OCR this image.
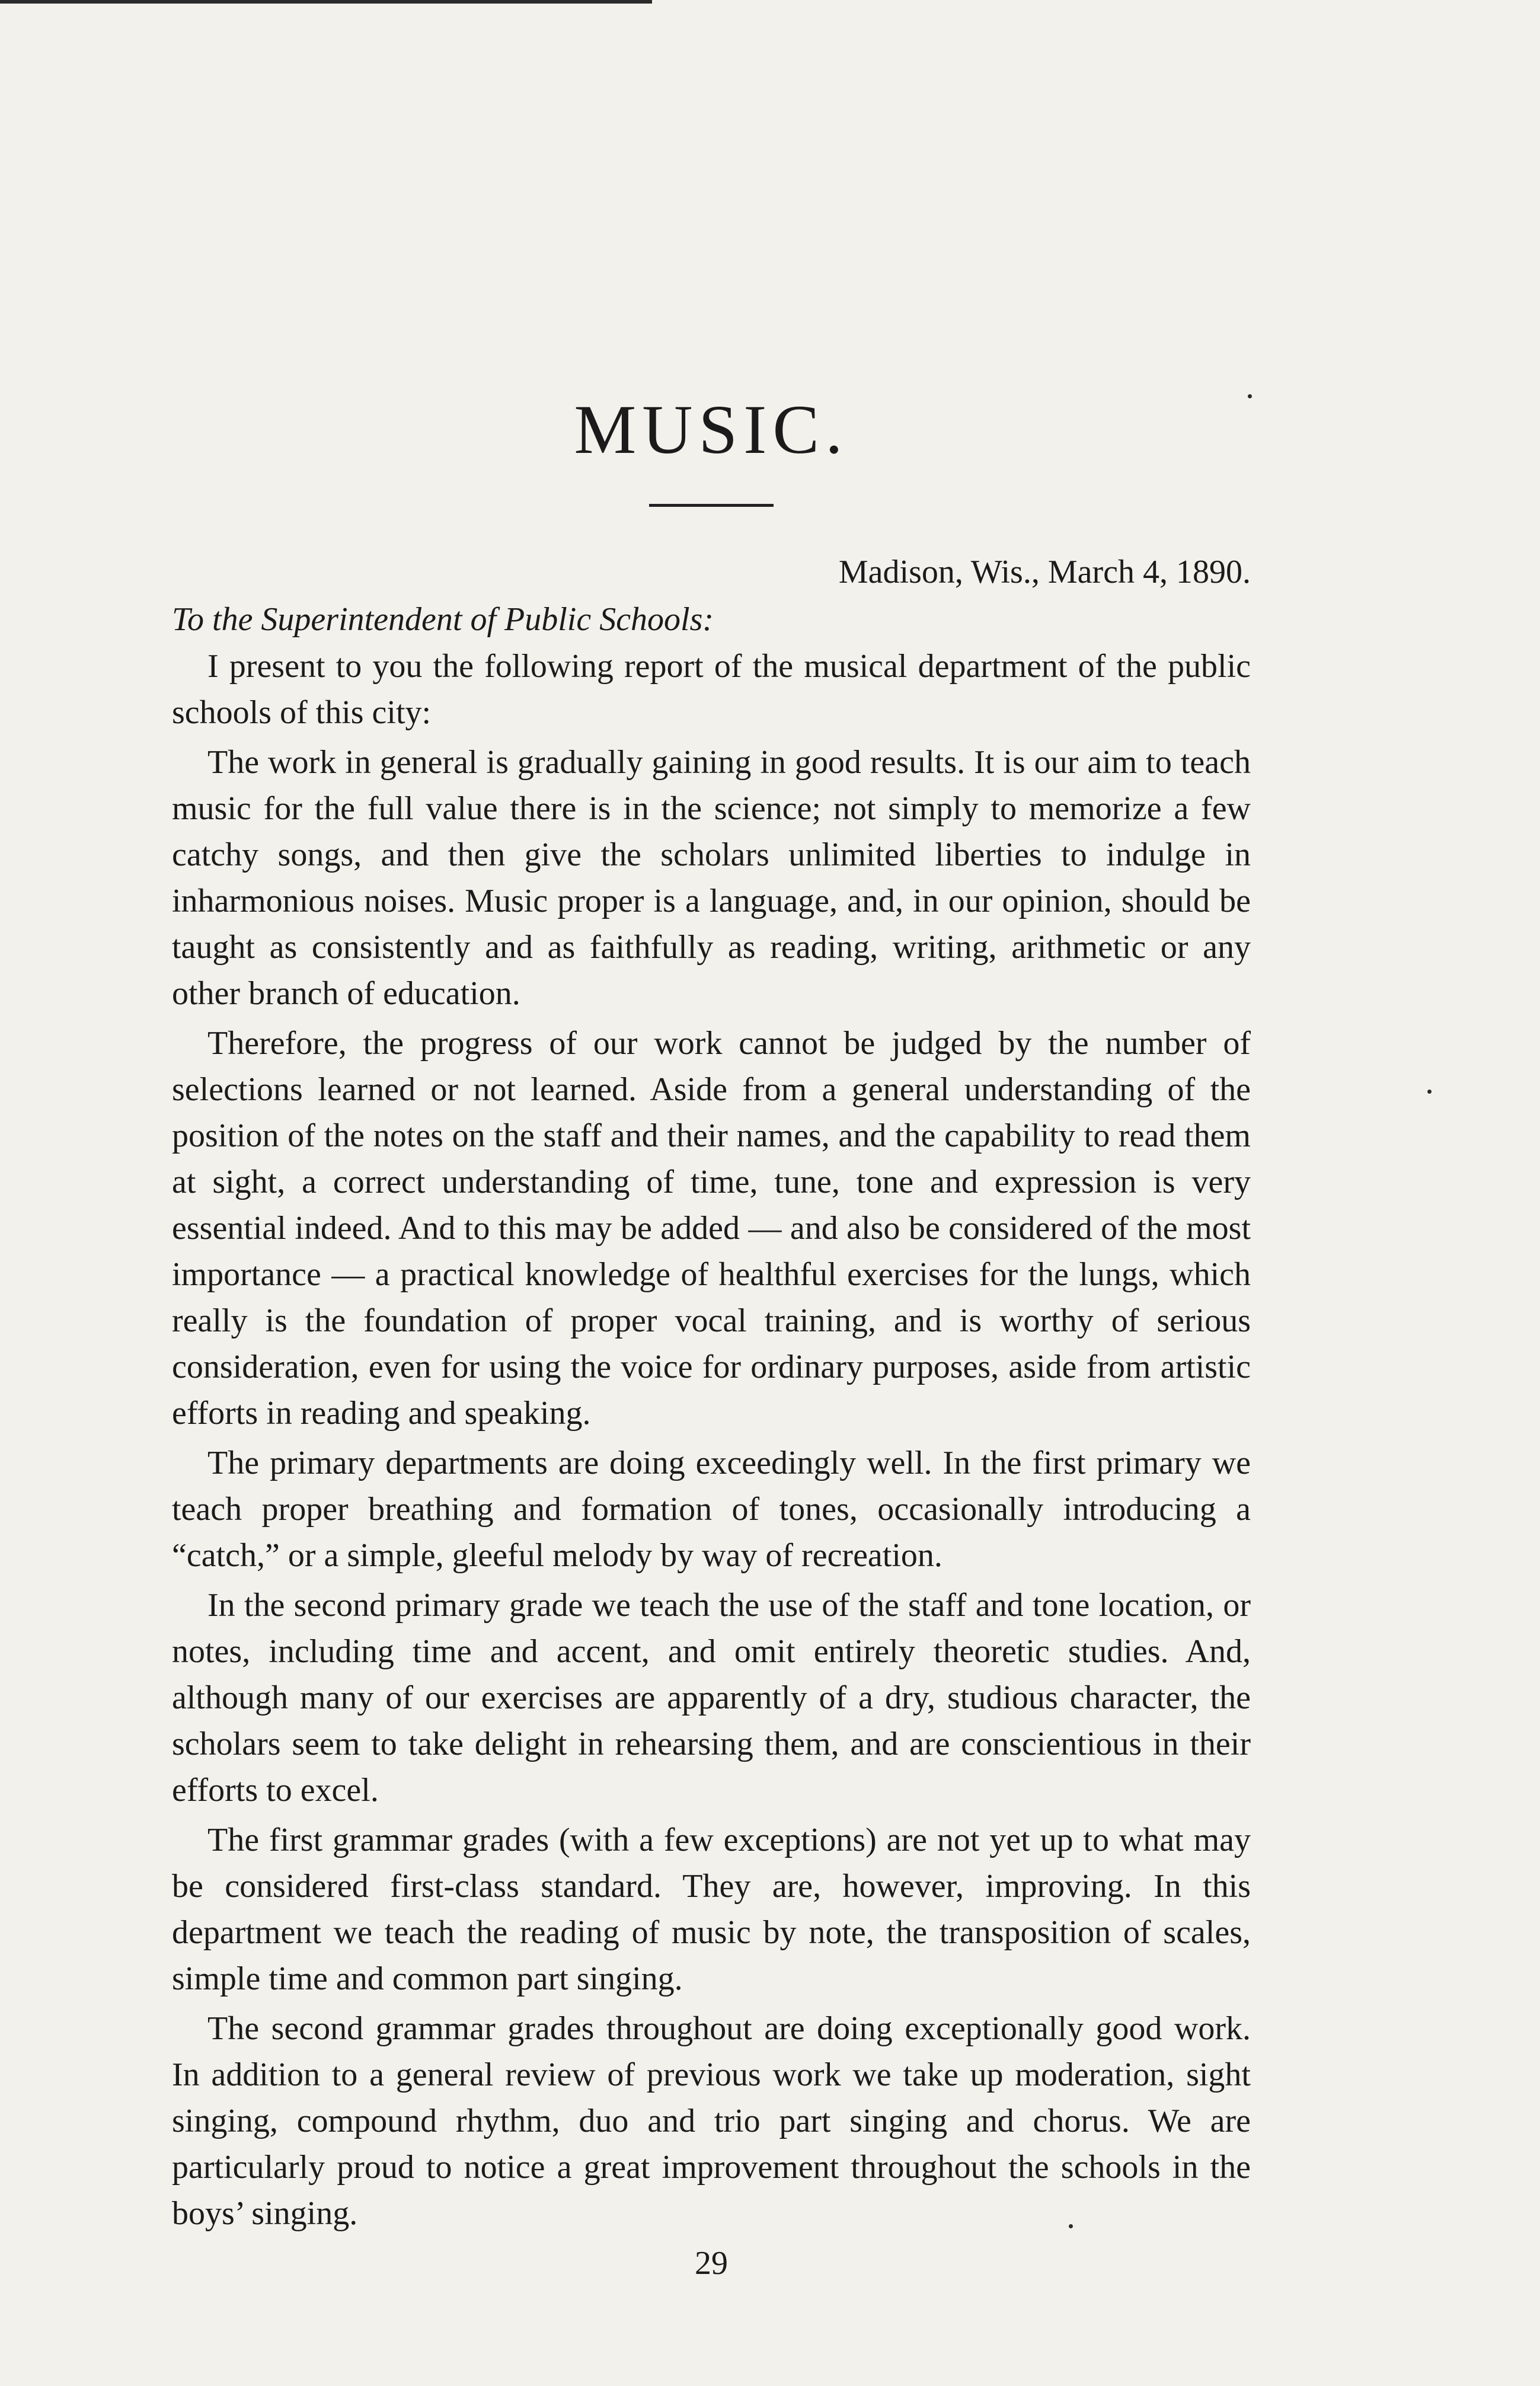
MUSIC.

Madison, Wis., March 4, 1890.

To the Superintendent of Public Schools:

I present to you the following report of the musical department of the public schools of this city:

The work in general is gradually gaining in good results. It is our aim to teach music for the full value there is in the science; not simply to memorize a few catchy songs, and then give the scholars unlimited liberties to indulge in inharmonious noises. Music proper is a language, and, in our opinion, should be taught as consistently and as faithfully as reading, writing, arithmetic or any other branch of education.

Therefore, the progress of our work cannot be judged by the number of selections learned or not learned. Aside from a general understanding of the position of the notes on the staff and their names, and the capability to read them at sight, a correct understanding of time, tune, tone and expression is very essential indeed. And to this may be added — and also be considered of the most importance — a practical knowledge of healthful exercises for the lungs, which really is the foundation of proper vocal training, and is worthy of serious consideration, even for using the voice for ordinary purposes, aside from artistic efforts in reading and speaking.

The primary departments are doing exceedingly well. In the first primary we teach proper breathing and formation of tones, occasionally introducing a “catch,” or a simple, gleeful melody by way of recreation.

In the second primary grade we teach the use of the staff and tone location, or notes, including time and accent, and omit entirely theoretic studies. And, although many of our exercises are apparently of a dry, studious character, the scholars seem to take delight in rehearsing them, and are conscientious in their efforts to excel.

The first grammar grades (with a few exceptions) are not yet up to what may be considered first-class standard. They are, however, improving. In this department we teach the reading of music by note, the transposition of scales, simple time and common part singing.

The second grammar grades throughout are doing exceptionally good work. In addition to a general review of previous work we take up moderation, sight singing, compound rhythm, duo and trio part singing and chorus. We are particularly proud to notice a great improvement throughout the schools in the boys’ singing.

29
